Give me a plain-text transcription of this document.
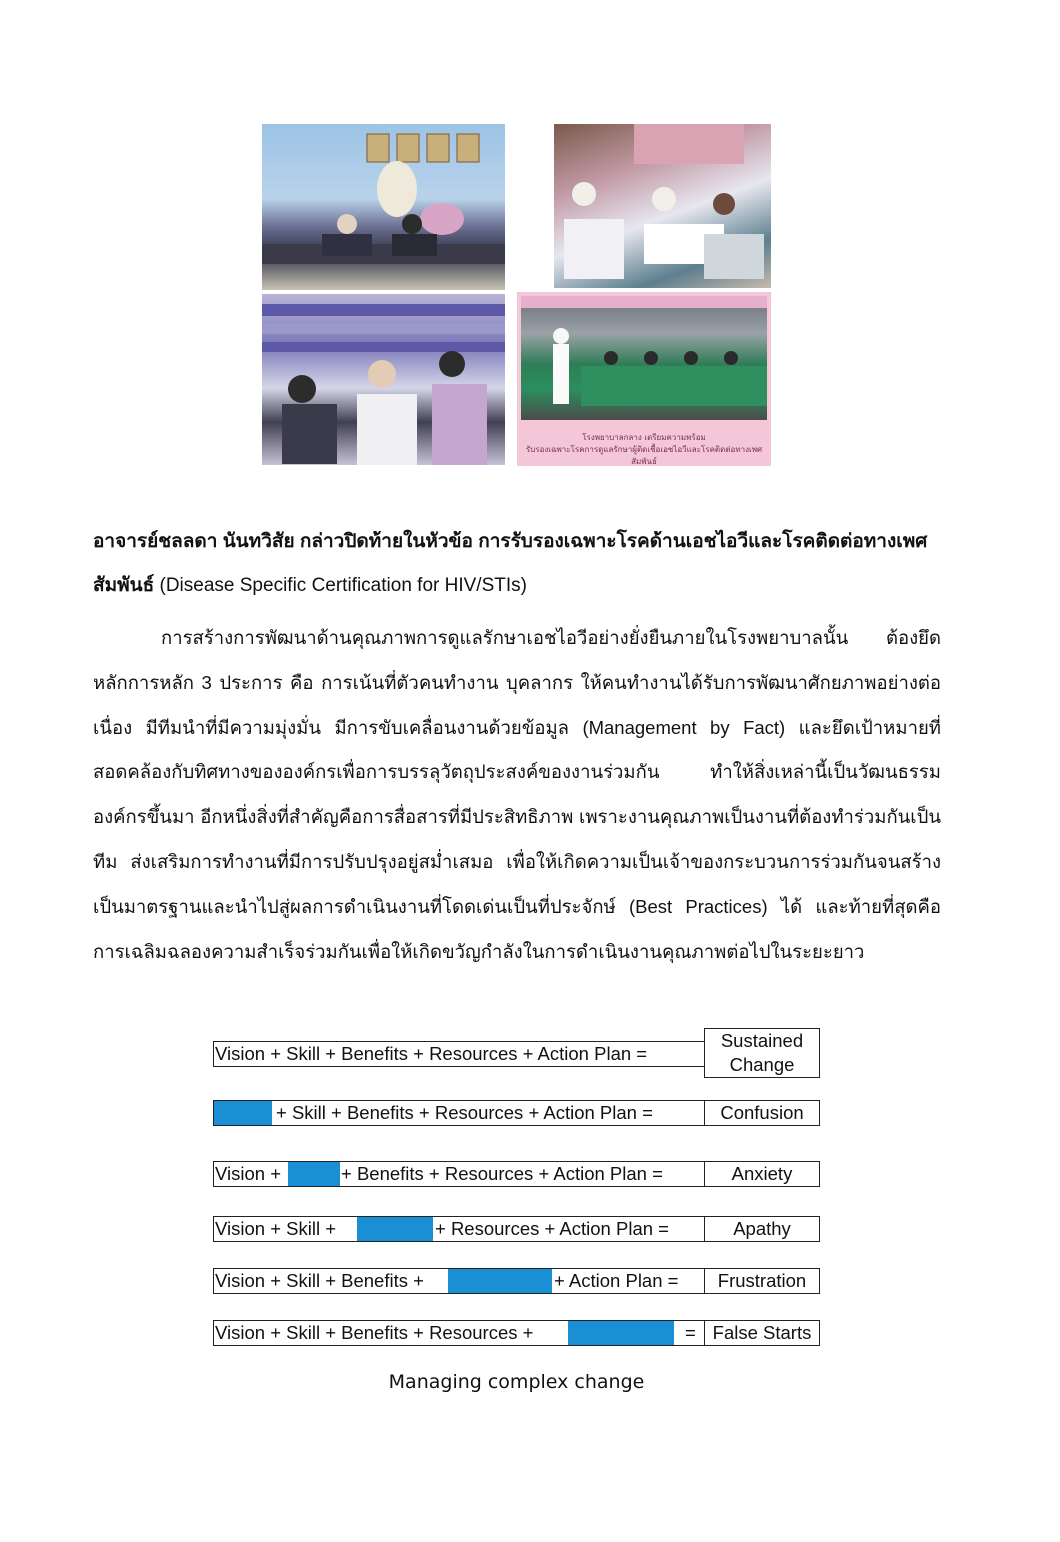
โรงพยาบาลกลาง เตรียมความพร้อม
รับรองเฉพาะโรคการดูแลรักษาผู้ติดเชื้อเอชไอวีและโรคติดต่อทางเพศสัมพันธ์
อาจารย์ชลลดา นันทวิสัย กล่าวปิดท้ายในหัวข้อ การรับรองเฉพาะโรคด้านเอชไอวีและโรคติดต่อทางเพศสัมพันธ์ (Disease Specific Certification for HIV/STIs)
การสร้างการพัฒนาด้านคุณภาพการดูแลรักษาเอชไอวีอย่างยั่งยืนภายในโรงพยาบาลนั้น ต้องยึดหลักการหลัก 3 ประการ คือ การเน้นที่ตัวคนทำงาน บุคลากร ให้คนทำงานได้รับการพัฒนาศักยภาพอย่างต่อเนื่อง มีทีมนำที่มีความมุ่งมั่น มีการขับเคลื่อนงานด้วยข้อมูล (Management by Fact) และยึดเป้าหมายที่สอดคล้องกับทิศทางขององค์กรเพื่อการบรรลุวัตถุประสงค์ของงานร่วมกัน ทำให้สิ่งเหล่านี้เป็นวัฒนธรรมองค์กรขึ้นมา อีกหนึ่งสิ่งที่สำคัญคือการสื่อสารที่มีประสิทธิภาพ เพราะงานคุณภาพเป็นงานที่ต้องทำร่วมกันเป็นทีม ส่งเสริมการทำงานที่มีการปรับปรุงอยู่สม่ำเสมอ เพื่อให้เกิดความเป็นเจ้าของกระบวนการร่วมกันจนสร้างเป็นมาตรฐานและนำไปสู่ผลการดำเนินงานที่โดดเด่นเป็นที่ประจักษ์ (Best Practices) ได้ และท้ายที่สุดคือ การเฉลิมฉลองความสำเร็จร่วมกันเพื่อให้เกิดขวัญกำลังในการดำเนินงานคุณภาพต่อไปในระยะยาว
Vision + Skill + Benefits + Resources + Action Plan =
Sustained
Change
+ Skill + Benefits + Resources + Action Plan =	Confusion
Vision +	+ Benefits + Resources + Action Plan =	Anxiety
Vision + Skill +	+ Resources + Action Plan =	Apathy
Vision + Skill + Benefits +	+ Action Plan =	Frustration
Vision + Skill + Benefits + Resources +	= False Starts
Managing complex change
